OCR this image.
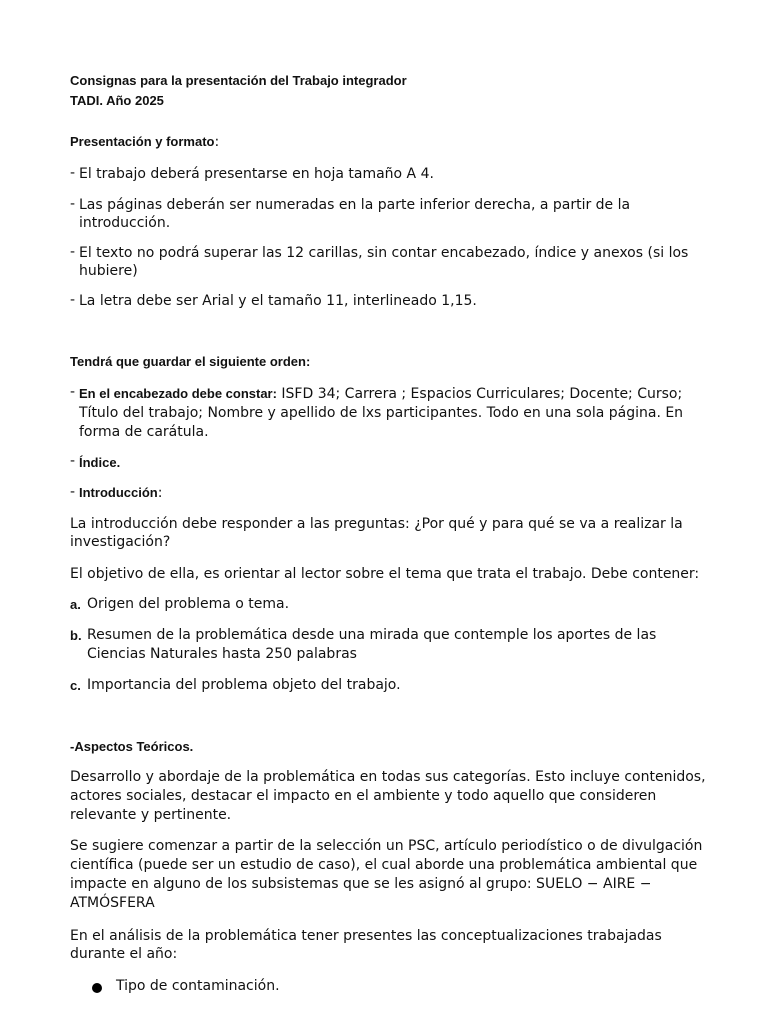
Consignas para la presentación del Trabajo integrador
TADI. Año 2025
Presentación y formato:
- El trabajo deberá presentarse en hoja tamaño A 4.
- Las páginas deberán ser numeradas en la parte inferior derecha, a partir de la introducción.
- El texto no podrá superar las 12 carillas, sin contar encabezado, índice y anexos (si los hubiere)
- La letra debe ser Arial y el tamaño 11, interlineado 1,15.
Tendrá que guardar el siguiente orden:
- En el encabezado debe constar: ISFD 34; Carrera ; Espacios Curriculares; Docente; Curso; Título del trabajo; Nombre y apellido de lxs participantes. Todo en una sola página. En forma de carátula.
- Índice.
- Introducción:
La introducción debe responder a las preguntas: ¿Por qué y para qué se va a realizar la investigación?
El objetivo de ella, es orientar al lector sobre el tema que trata el trabajo. Debe contener:
a. Origen del problema o tema.
b. Resumen de la problemática desde una mirada que contemple los aportes de las Ciencias Naturales hasta 250 palabras
c. Importancia del problema objeto del trabajo.
-Aspectos Teóricos.
Desarrollo y abordaje de la problemática en todas sus categorías. Esto incluye contenidos, actores sociales, destacar el impacto en el ambiente y todo aquello que consideren relevante y pertinente.
Se sugiere comenzar a partir de la selección un PSC, artículo periodístico o de divulgación científica (puede ser un estudio de caso), el cual aborde una problemática ambiental que impacte en alguno de los subsistemas que se les asignó al grupo: SUELO − AIRE − ATMÓSFERA
En el análisis de la problemática tener presentes las conceptualizaciones trabajadas durante el año:
Tipo de contaminación.
